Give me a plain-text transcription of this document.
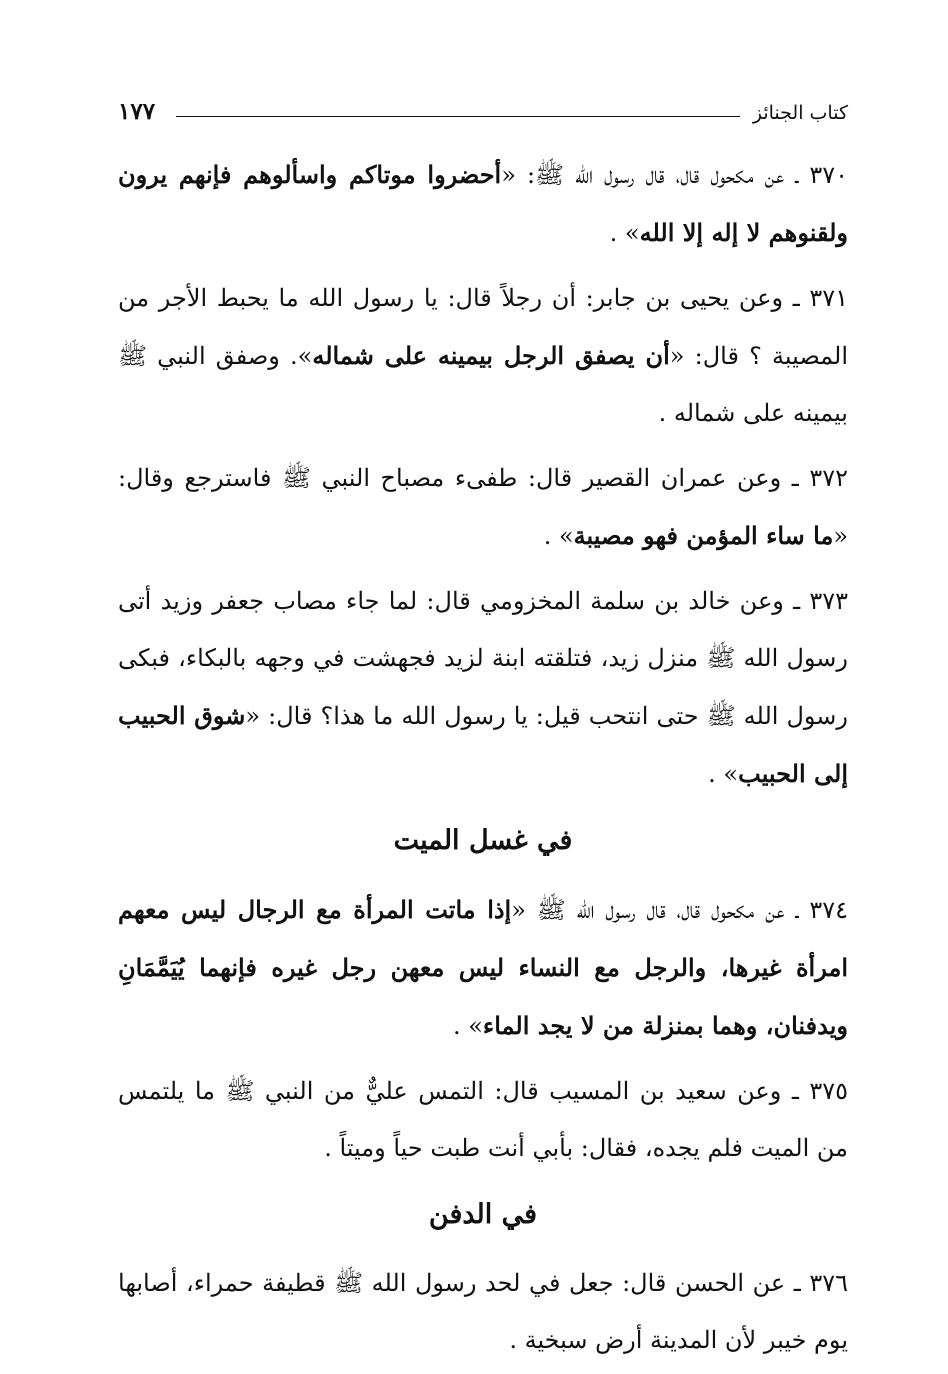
كتاب الجنائز
١٧٧

٣٧٠ ـ عن مكحول قال، قال رسول الله ﷺ: «أحضروا موتاكم واسألوهم فإنهم يرون ولقنوهم لا إله إلا الله» .

٣٧١ ـ وعن يحيى بن جابر: أن رجلاً قال: يا رسول الله ما يحبط الأجر من المصيبة ؟ قال: «أن يصفق الرجل بيمينه على شماله». وصفق النبي ﷺ بيمينه على شماله .

٣٧٢ ـ وعن عمران القصير قال: طفىء مصباح النبي ﷺ فاسترجع وقال: «ما ساء المؤمن فهو مصيبة» .

٣٧٣ ـ وعن خالد بن سلمة المخزومي قال: لما جاء مصاب جعفر وزيد أتى رسول الله ﷺ منزل زيد، فتلقته ابنة لزيد فجهشت في وجهه بالبكاء، فبكى رسول الله ﷺ حتى انتحب قيل: يا رسول الله ما هذا؟ قال: «شوق الحبيب إلى الحبيب» .

في غسل الميت

٣٧٤ ـ عن مكحول قال، قال رسول الله ﷺ «إذا ماتت المرأة مع الرجال ليس معهم امرأة غيرها، والرجل مع النساء ليس معهن رجل غيره فإنهما يُيَمَّمَانِ ويدفنان، وهما بمنزلة من لا يجد الماء» .

٣٧٥ ـ وعن سعيد بن المسيب قال: التمس عليٌّ من النبي ﷺ ما يلتمس من الميت فلم يجده، فقال: بأبي أنت طبت حياً وميتاً .

في الدفن

٣٧٦ ـ عن الحسن قال: جعل في لحد رسول الله ﷺ قطيفة حمراء، أصابها يوم خيبر لأن المدينة أرض سبخية .
